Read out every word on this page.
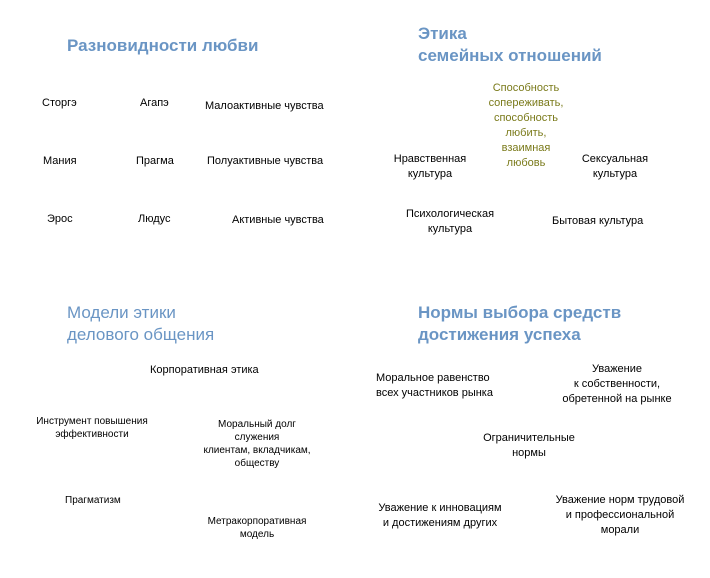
Разновидности любви
Сторгэ	Агапэ	Малоактивные чувства
Мания	Прагма	Полуактивные чувства
Эрос	Людус	Активные чувства
Этика
семейных отношений
Способность
сопереживать,
способность
любить,
взаимная
любовь
Нравственная
культура
Сексуальная
культура
Психологическая
культура
Бытовая культура
Модели этики
делового общения
Корпоративная этика
Инструмент повышения
эффективности
Моральный долг
служения
клиентам, вкладчикам,
обществу
Прагматизм
Метракорпоративная
модель
Нормы выбора средств
достижения успеха
Моральное равенство
всех участников рынка
Уважение
к собственности,
обретенной на рынке
Ограничительные
нормы
Уважение к инновациям
и достижениям других
Уважение норм трудовой
и профессиональной
морали
